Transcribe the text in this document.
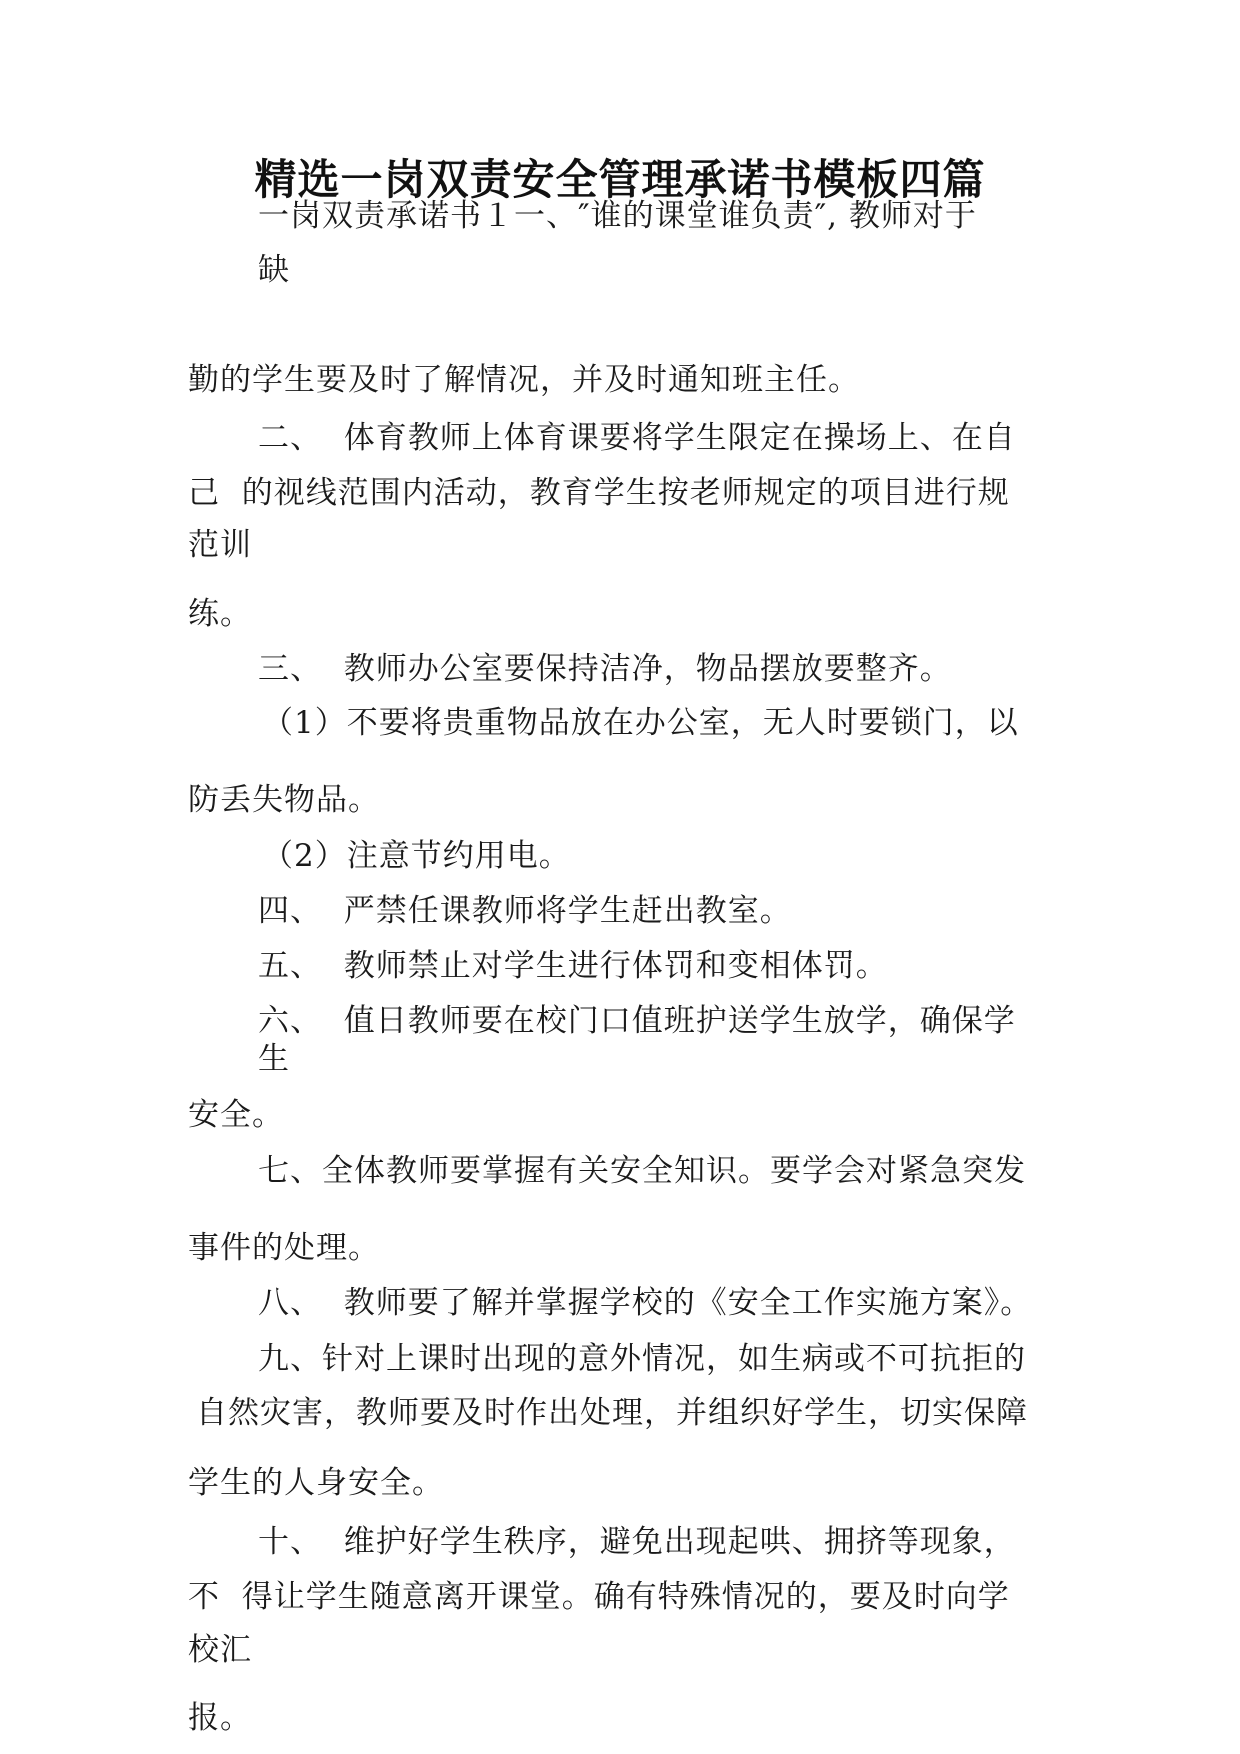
精选一岗双责安全管理承诺书模板四篇
一岗双责承诺书１一、″谁的课堂谁负责″, 教师对于
缺
勤的学生要及时了解情况，并及时通知班主任。
二、  体育教师上体育课要将学生限定在操场上、在自
己  的视线范围内活动，教育学生按老师规定的项目进行规
范训
练。
三、  教师办公室要保持洁净，物品摆放要整齐。
（1）不要将贵重物品放在办公室，无人时要锁门，以
防丢失物品。
（2）注意节约用电。
四、  严禁任课教师将学生赶出教室。
五、  教师禁止对学生进行体罚和变相体罚。
六、  值日教师要在校门口值班护送学生放学，确保学
生
安全。
七、全体教师要掌握有关安全知识。要学会对紧急突发
事件的处理。
八、  教师要了解并掌握学校的《安全工作实施方案》。
九、针对上课时出现的意外情况，如生病或不可抗拒的
自然灾害，教师要及时作出处理，并组织好学生，切实保障
学生的人身安全。
十、  维护好学生秩序，避免出现起哄、拥挤等现象，
不  得让学生随意离开课堂。确有特殊情况的，要及时向学
校汇
报。
